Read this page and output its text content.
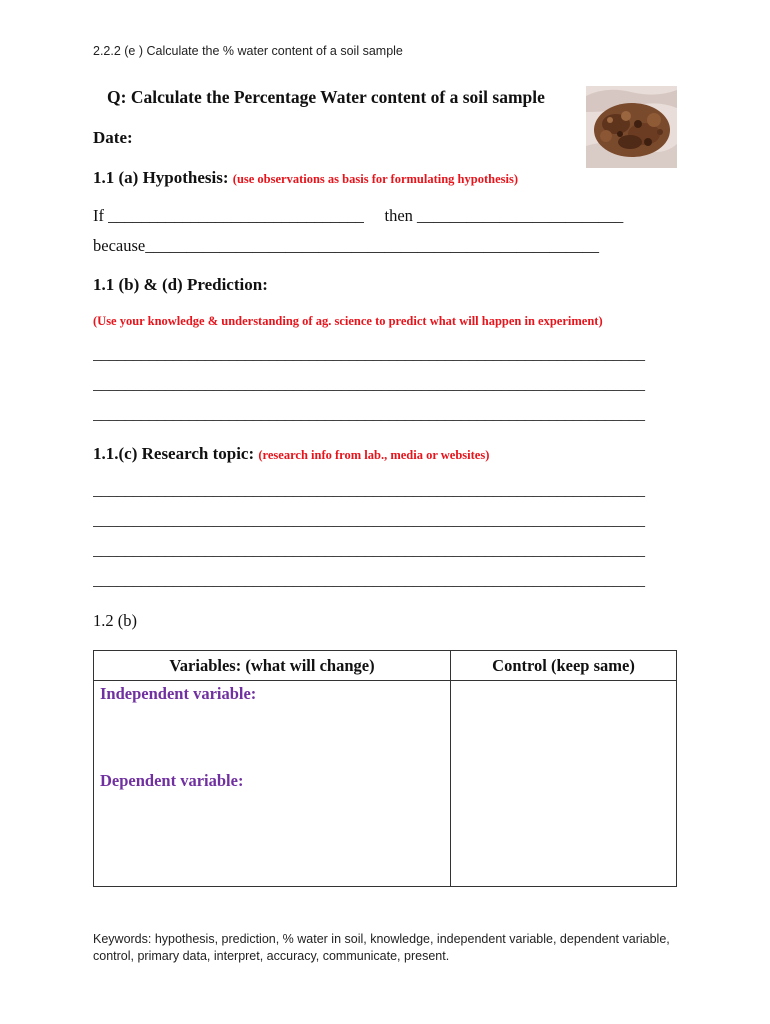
2.2.2 (e ) Calculate the % water content of a soil sample
Q: Calculate the Percentage Water content of a soil sample
Date:
1.1 (a) Hypothesis: (use observations as basis for formulating hypothesis)
If _______________________________     then _________________________
because_______________________________________________________
1.1 (b) & (d) Prediction:
(Use your knowledge & understanding of ag. science to predict what will happen in experiment)
_____________________________________________________________________
_____________________________________________________________________
_____________________________________________________________________
1.1.(c) Research topic: (research info from lab., media or websites)
_____________________________________________________________________
_____________________________________________________________________
_____________________________________________________________________
_____________________________________________________________________
1.2 (b)
Variables: (what will change)	Control (keep same)

Independent variable:
Dependent variable:	

Keywords: hypothesis, prediction, % water in soil, knowledge, independent variable, dependent variable, control, primary data, interpret, accuracy, communicate, present.
